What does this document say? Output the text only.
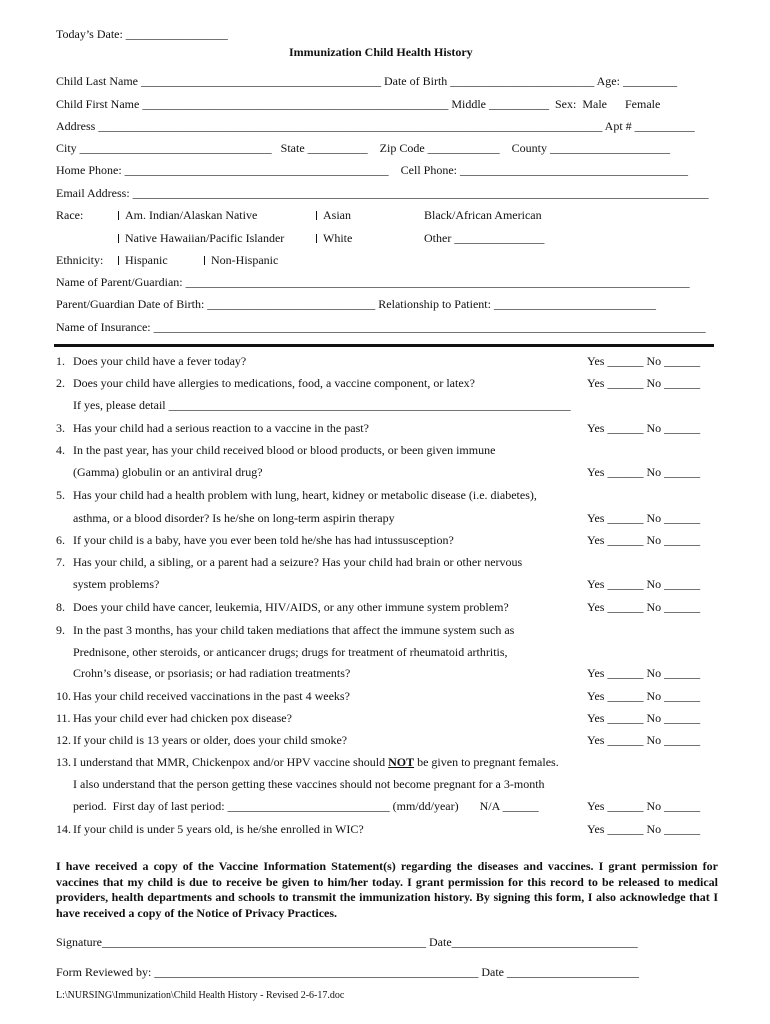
Today’s Date: _________________
Immunization Child Health History
Child Last Name ________________________________________ Date of Birth ________________________ Age: _________
Child First Name ___________________________________________________ Middle __________  Sex:  Male      Female
Address ____________________________________________________________________________________ Apt # __________
City ________________________________   State __________    Zip Code ____________    County ____________________
Home Phone: ____________________________________________    Cell Phone: ______________________________________
Email Address: ________________________________________________________________________________________________
Race:	Am. Indian/Alaskan Native	Asian	Black/African American
Native Hawaiian/Pacific Islander	White	Other _______________
Ethnicity:	Hispanic	Non-Hispanic
Name of Parent/Guardian: ____________________________________________________________________________________
Parent/Guardian Date of Birth: ____________________________ Relationship to Patient: ___________________________
Name of Insurance: ____________________________________________________________________________________________
1. Does your child have a fever today?	Yes ______ No ______
2. Does your child have allergies to medications, food, a vaccine component, or latex?	Yes ______ No ______
If yes, please detail ___________________________________________________________________
3. Has your child had a serious reaction to a vaccine in the past?	Yes ______ No ______
4. In the past year, has your child received blood or blood products, or been given immune
(Gamma) globulin or an antiviral drug?	Yes ______ No ______
5. Has your child had a health problem with lung, heart, kidney or metabolic disease (i.e. diabetes),
asthma, or a blood disorder? Is he/she on long-term aspirin therapy	Yes ______ No ______
6. If your child is a baby, have you ever been told he/she has had intussusception?	Yes ______ No ______
7. Has your child, a sibling, or a parent had a seizure? Has your child had brain or other nervous
system problems?	Yes ______ No ______
8. Does your child have cancer, leukemia, HIV/AIDS, or any other immune system problem?	Yes ______ No ______
9. In the past 3 months, has your child taken mediations that affect the immune system such as
Prednisone, other steroids, or anticancer drugs; drugs for treatment of rheumatoid arthritis,
Crohn’s disease, or psoriasis; or had radiation treatments?	Yes ______ No ______
10. Has your child received vaccinations in the past 4 weeks?	Yes ______ No ______
11. Has your child ever had chicken pox disease?	Yes ______ No ______
12. If your child is 13 years or older, does your child smoke?	Yes ______ No ______
13. I understand that MMR, Chickenpox and/or HPV vaccine should NOT be given to pregnant females.
I also understand that the person getting these vaccines should not become pregnant for a 3-month
period.  First day of last period: ___________________________ (mm/dd/year)       N/A ______	Yes ______ No ______
14. If your child is under 5 years old, is he/she enrolled in WIC?	Yes ______ No ______
I have received a copy of the Vaccine Information Statement(s) regarding the diseases and vaccines. I grant permission for vaccines that my child is due to receive be given to him/her today. I grant permission for this record to be released to medical providers, health departments and schools to transmit the immunization history. By signing this form, I also acknowledge that I have received a copy of the Notice of Privacy Practices.
Signature______________________________________________________ Date_______________________________
Form Reviewed by: ______________________________________________________ Date ______________________
L:\NURSING\Immunization\Child Health History - Revised 2-6-17.doc
